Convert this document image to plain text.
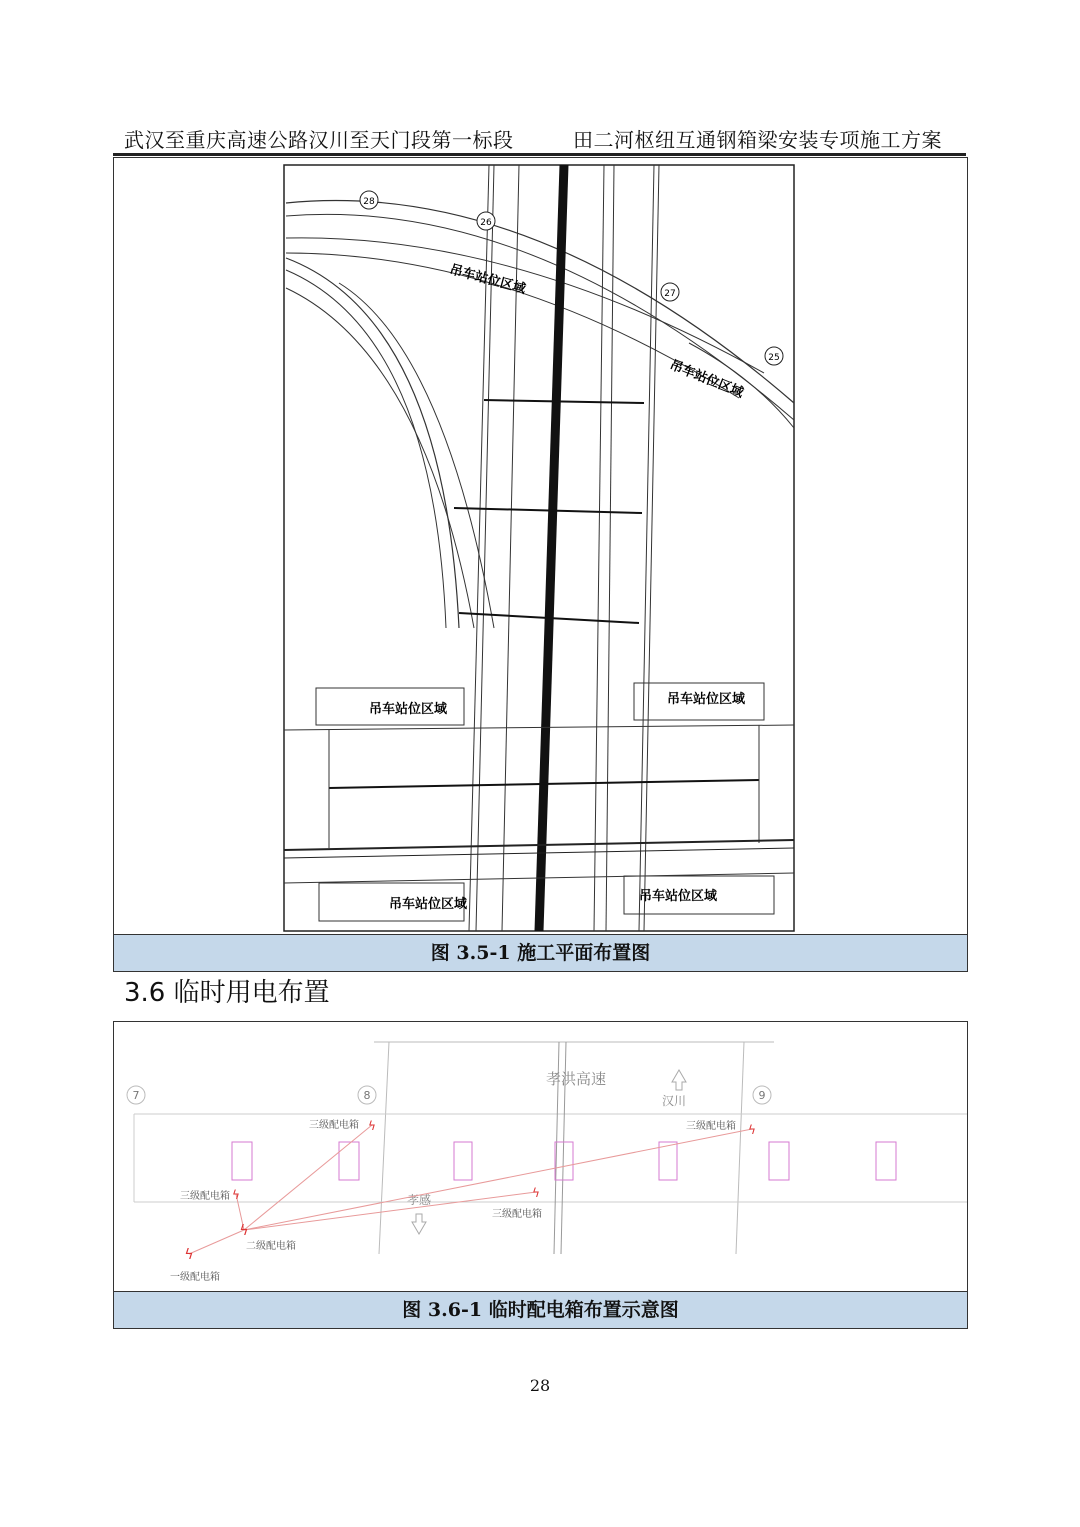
武汉至重庆高速公路汉川至天门段第一标段	田二河枢纽互通钢箱梁安装专项施工方案
28
26
27
25
吊车站位区域
吊车站位区域
吊车站位区域
吊车站位区域
吊车站位区域
吊车站位区域
图 3.5-1 施工平面布置图
3.6 临时用电布置
7	8	9
孝洪高速
汉川
孝感
ϟ
ϟ
ϟ
ϟ
ϟ
ϟ
三级配电箱
三级配电箱
三级配电箱
三级配电箱
二级配电箱
一级配电箱
图 3.6-1 临时配电箱布置示意图
28
